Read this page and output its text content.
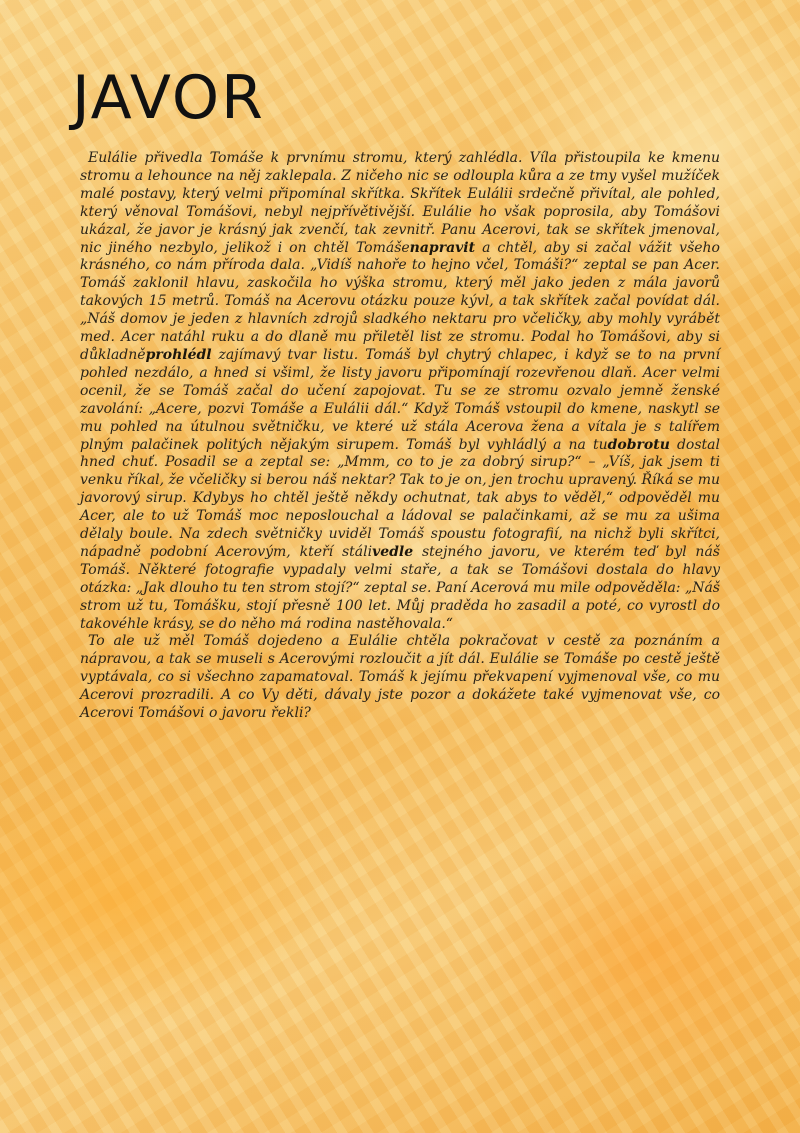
JAVOR

Eulálie přivedla Tomáše k prvnímu stromu, který zahlédla. Víla přistoupila ke kmenu stromu a lehounce na něj zaklepala. Z ničeho nic se odloupla kůra a ze tmy vyšel mužíček malé postavy, který velmi připomínal skřítka. Skřítek Eulálii srdečně přivítal, ale pohled, který věnoval Tomášovi, nebyl nejpřívětivější. Eulálie ho však poprosila, aby Tomášovi ukázal, že javor je krásný jak zvenčí, tak zevnitř. Panu Acerovi, tak se skřítek jmenoval, nic jiného nezbylo, jelikož i on chtěl Tomášenapravit a chtěl, aby si začal vážit všeho krásného, co nám příroda dala. „Vidíš nahoře to hejno včel, Tomáši?“ zeptal se pan Acer. Tomáš zaklonil hlavu, zaskočila ho výška stromu, který měl jako jeden z mála javorů takových 15 metrů. Tomáš na Acerovu otázku pouze kývl, a tak skřítek začal povídat dál. „Náš domov je jeden z hlavních zdrojů sladkého nektaru pro včeličky, aby mohly vyrábět med. Acer natáhl ruku a do dlaně mu přiletěl list ze stromu. Podal ho Tomášovi, aby si důkladněprohlédl zajímavý tvar listu. Tomáš byl chytrý chlapec, i když se to na první pohled nezdálo, a hned si všiml, že listy javoru připomínají rozevřenou dlaň. Acer velmi ocenil, že se Tomáš začal do učení zapojovat. Tu se ze stromu ozvalo jemně ženské zavolání: „Acere, pozvi Tomáše a Eulálii dál.“ Když Tomáš vstoupil do kmene, naskytl se mu pohled na útulnou světničku, ve které už stála Acerova žena a vítala je s talířem plným palačinek politých nějakým sirupem. Tomáš byl vyhládlý a na tudobrotu dostal hned chuť. Posadil se a zeptal se: „Mmm, co to je za dobrý sirup?“ – „Víš, jak jsem ti venku říkal, že včeličky si berou náš nektar? Tak to je on, jen trochu upravený. Říká se mu javorový sirup. Kdybys ho chtěl ještě někdy ochutnat, tak abys to věděl,“ odpověděl mu Acer, ale to už Tomáš moc neposlouchal a ládoval se palačinkami, až se mu za ušima dělaly boule. Na zdech světničky uviděl Tomáš spoustu fotografií, na nichž byli skřítci, nápadně podobní Acerovým, kteří stálivedle stejného javoru, ve kterém teď byl náš Tomáš. Některé fotografie vypadaly velmi staře, a tak se Tomášovi dostala do hlavy otázka: „Jak dlouho tu ten strom stojí?“ zeptal se. Paní Acerová mu mile odpověděla: „Náš strom už tu, Tomášku, stojí přesně 100 let. Můj praděda ho zasadil a poté, co vyrostl do takovéhle krásy, se do něho má rodina nastěhovala.“

To ale už měl Tomáš dojedeno a Eulálie chtěla pokračovat v cestě za poznáním a nápravou, a tak se museli s Acerovými rozloučit a jít dál. Eulálie se Tomáše po cestě ještě vyptávala, co si všechno zapamatoval. Tomáš k jejímu překvapení vyjmenoval vše, co mu Acerovi prozradili. A co Vy děti, dávaly jste pozor a dokážete také vyjmenovat vše, co Acerovi Tomášovi o javoru řekli?
